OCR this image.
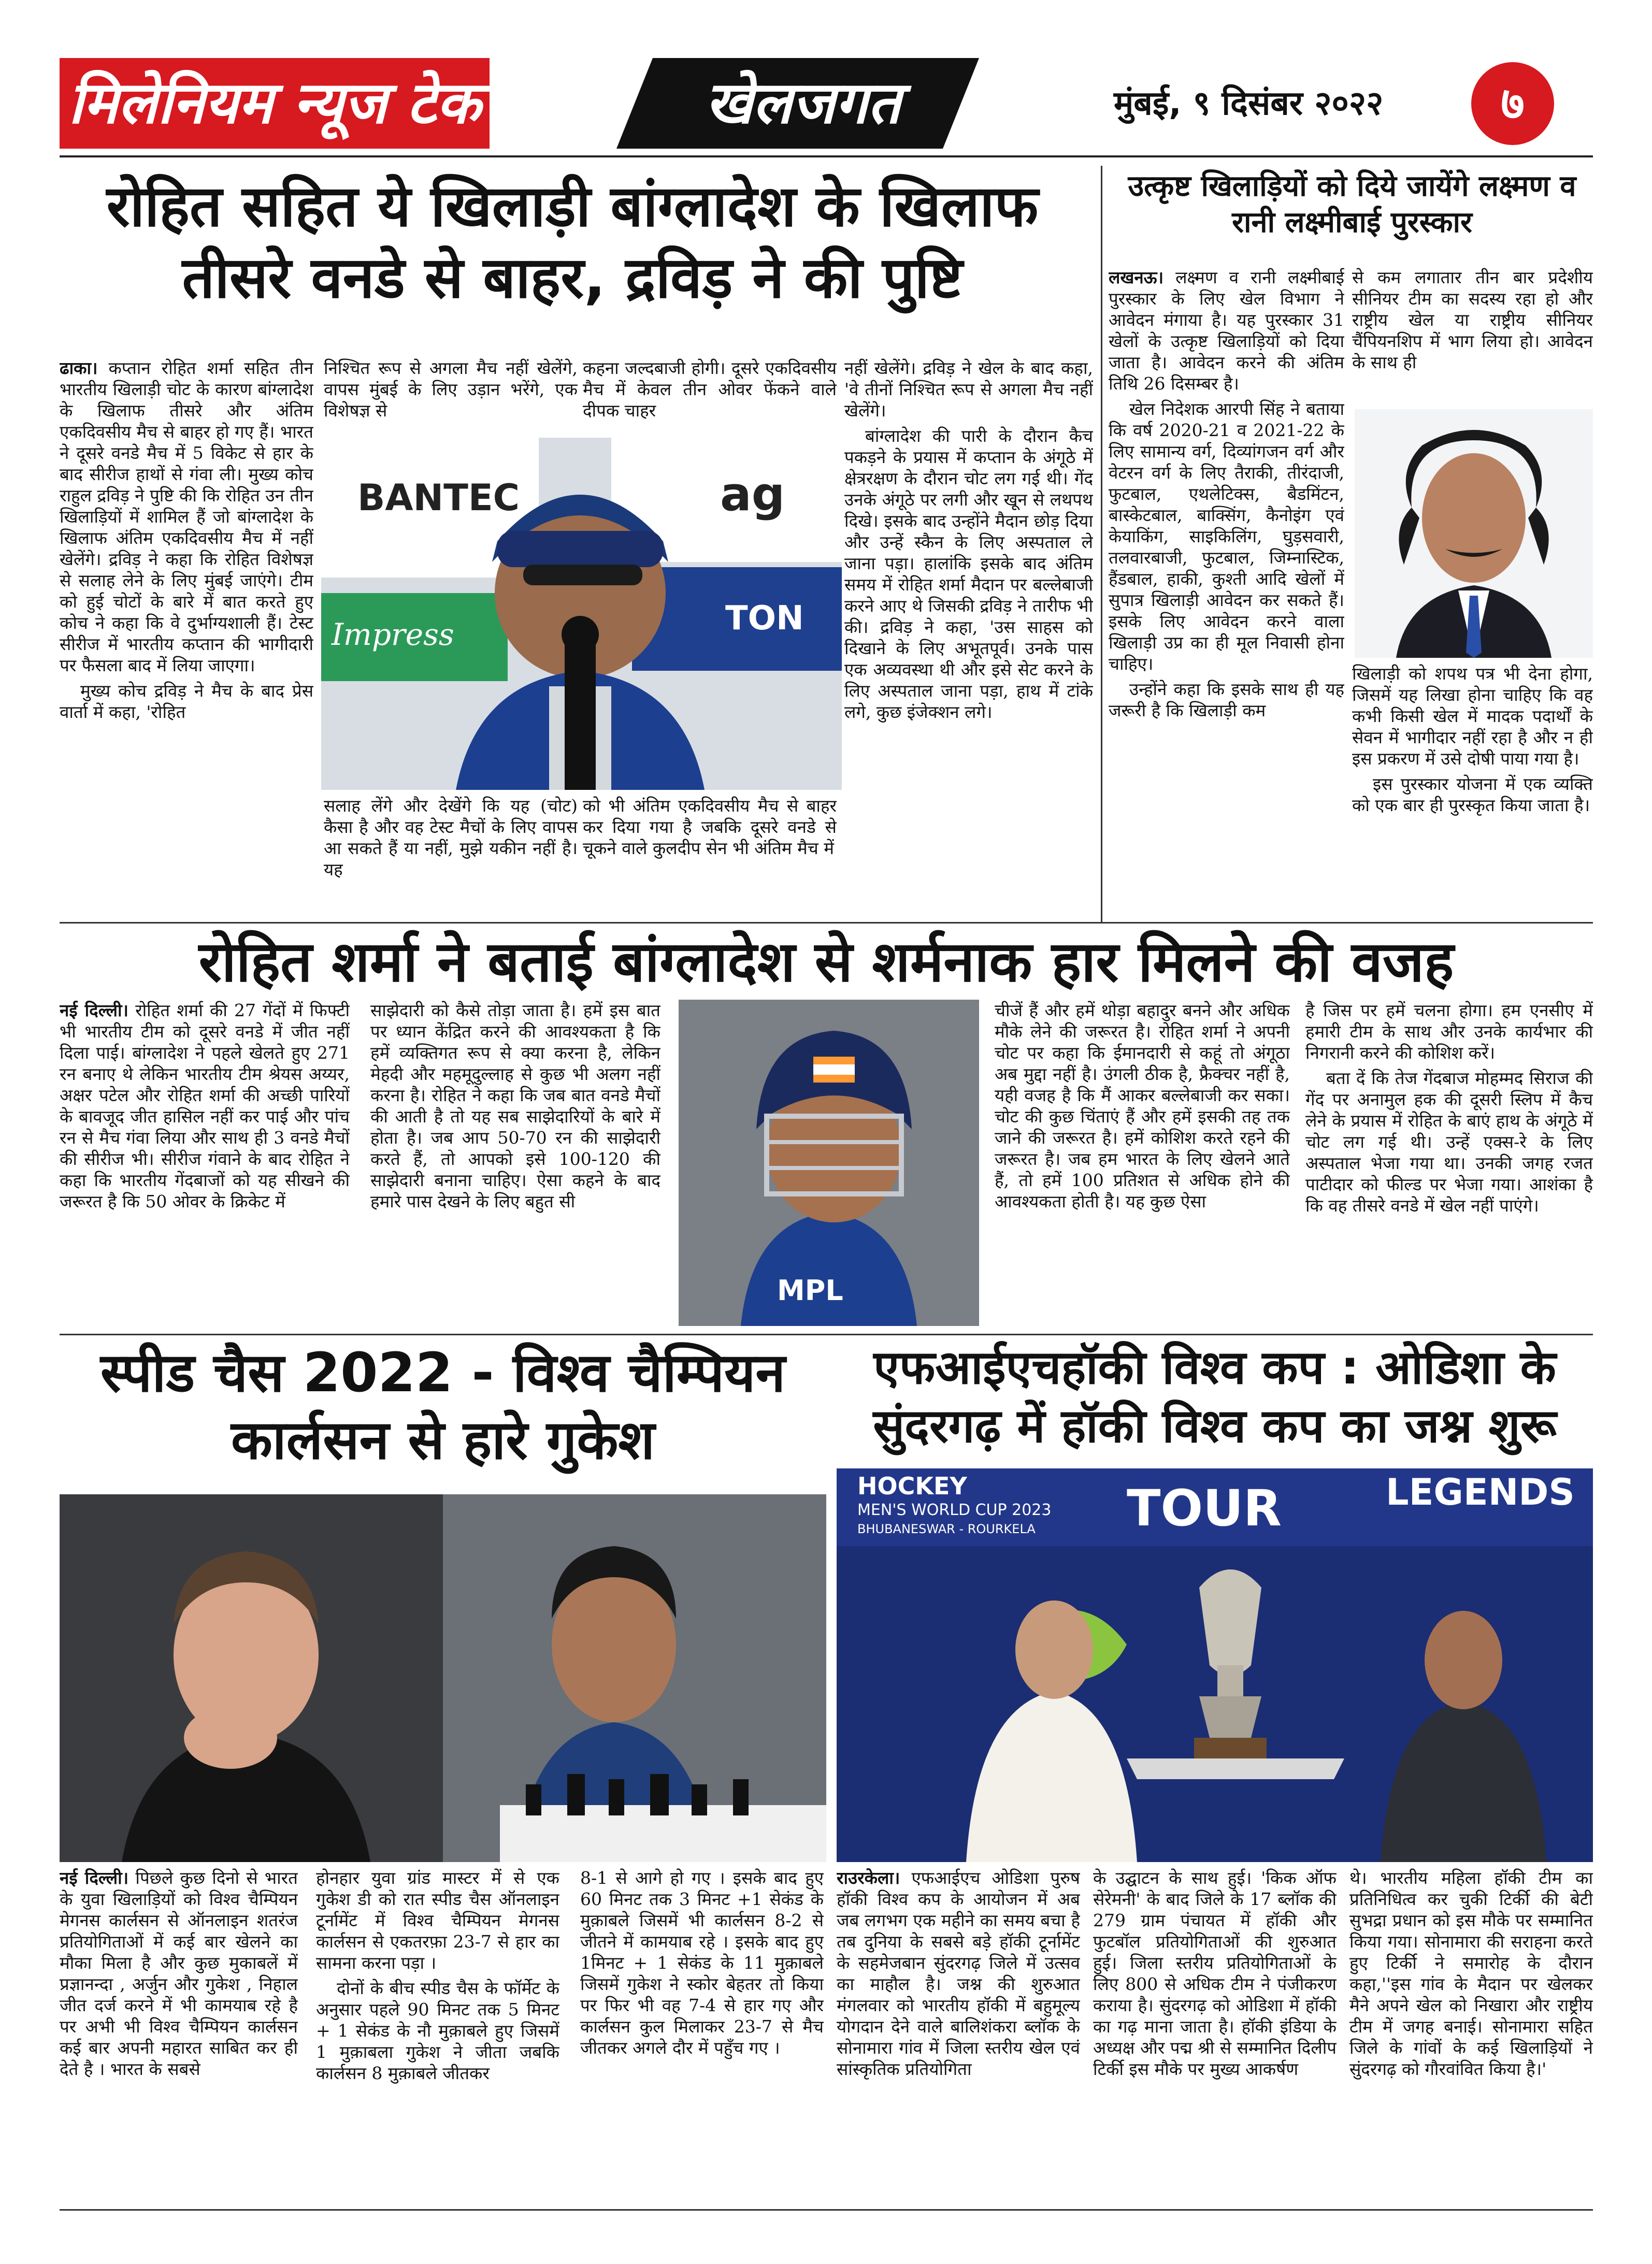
मिलेनियम न्यूज टेक	खेलजगत	मुंबई, ९ दिसंबर २०२२	७
रोहित सहित ये खिलाड़ी बांग्लादेश के खिलाफ
तीसरे वनडे से बाहर, द्रविड़ ने की पुष्टि

ढाका। कप्तान रोहित शर्मा सहित तीन भारतीय खिलाड़ी चोट के कारण बांग्लादेश के खिलाफ तीसरे और अंतिम एकदिवसीय मैच से बाहर हो गए हैं। भारत ने दूसरे वनडे मैच में 5 विकेट से हार के बाद सीरीज हाथों से गंवा ली। मुख्य कोच राहुल द्रविड़ ने पुष्टि की कि रोहित उन तीन खिलाड़ियों में शामिल हैं जो बांग्लादेश के खिलाफ अंतिम एकदिवसीय मैच में नहीं खेलेंगे। द्रविड़ ने कहा कि रोहित विशेषज्ञ से सलाह लेने के लिए मुंबई जाएंगे। टीम को हुई चोटों के बारे में बात करते हुए कोच ने कहा कि वे दुर्भाग्यशाली हैं। टेस्ट सीरीज में भारतीय कप्तान की भागीदारी पर फैसला बाद में लिया जाएगा।

मुख्य कोच द्रविड़ ने मैच के बाद प्रेस वार्ता में कहा, 'रोहित

निश्चित रूप से अगला मैच नहीं खेलेंगे, वापस मुंबई के लिए उड़ान भरेंगे, एक विशेषज्ञ से

कहना जल्दबाजी होगी। दूसरे एकदिवसीय मैच में केवल तीन ओवर फेंकने वाले दीपक चाहर

BANTEC	ag
Impress	TON

सलाह लेंगे और देखेंगे कि यह (चोट) कैसा है और वह टेस्ट मैचों के लिए वापस आ सकते हैं या नहीं, मुझे यकीन नहीं है। यह

को भी अंतिम एकदिवसीय मैच से बाहर कर दिया गया है जबकि दूसरे वनडे से चूकने वाले कुलदीप सेन भी अंतिम मैच में

नहीं खेलेंगे। द्रविड़ ने खेल के बाद कहा, 'वे तीनों निश्चित रूप से अगला मैच नहीं खेलेंगे।

बांग्लादेश की पारी के दौरान कैच पकड़ने के प्रयास में कप्तान के अंगूठे में क्षेत्ररक्षण के दौरान चोट लग गई थी। गेंद उनके अंगूठे पर लगी और खून से लथपथ दिखे। इसके बाद उन्होंने मैदान छोड़ दिया और उन्हें स्कैन के लिए अस्पताल ले जाना पड़ा। हालांकि इसके बाद अंतिम समय में रोहित शर्मा मैदान पर बल्लेबाजी करने आए थे जिसकी द्रविड़ ने तारीफ भी की। द्रविड़ ने कहा, 'उस साहस को दिखाने के लिए अभूतपूर्व। उनके पास एक अव्यवस्था थी और इसे सेट करने के लिए अस्पताल जाना पड़ा, हाथ में टांके लगे, कुछ इंजेक्शन लगे।

उत्कृष्ट खिलाड़ियों को दिये जायेंगे लक्ष्मण व
रानी लक्ष्मीबाई पुरस्कार

लखनऊ। लक्ष्मण व रानी लक्ष्मीबाई पुरस्कार के लिए खेल विभाग ने आवेदन मंगाया है। यह पुरस्कार 31 खेलों के उत्कृष्ट खिलाड़ियों को दिया जाता है। आवेदन करने की अंतिम तिथि 26 दिसम्बर है।

खेल निदेशक आरपी सिंह ने बताया कि वर्ष 2020-21 व 2021-22 के लिए सामान्य वर्ग, दिव्यांगजन वर्ग और वेटरन वर्ग के लिए तैराकी, तीरंदाजी, फुटबाल, एथलेटिक्स, बैडमिंटन, बास्केटबाल, बाक्सिंग, कैनोइंग एवं केयाकिंग, साइकिलिंग, घुड़सवारी, तलवारबाजी, फुटबाल, जिम्नास्टिक, हैंडबाल, हाकी, कुश्ती आदि खेलों में सुपात्र खिलाड़ी आवेदन कर सकते हैं। इसके लिए आवेदन करने वाला खिलाड़ी उप्र का ही मूल निवासी होना चाहिए।

उन्होंने कहा कि इसके साथ ही यह जरूरी है कि खिलाड़ी कम

से कम लगातार तीन बार प्रदेशीय सीनियर टीम का सदस्य रहा हो और राष्ट्रीय खेल या राष्ट्रीय सीनियर चैंपियनशिप में भाग लिया हो। आवेदन के साथ ही

खिलाड़ी को शपथ पत्र भी देना होगा, जिसमें यह लिखा होना चाहिए कि वह कभी किसी खेल में मादक पदार्थों के सेवन में भागीदार नहीं रहा है और न ही इस प्रकरण में उसे दोषी पाया गया है।

इस पुरस्कार योजना में एक व्यक्ति को एक बार ही पुरस्कृत किया जाता है।

रोहित शर्मा ने बताई बांग्लादेश से शर्मनाक हार मिलने की वजह

नई दिल्ली। रोहित शर्मा की 27 गेंदों में फिफ्टी भी भारतीय टीम को दूसरे वनडे में जीत नहीं दिला पाई। बांग्लादेश ने पहले खेलते हुए 271 रन बनाए थे लेकिन भारतीय टीम श्रेयस अय्यर, अक्षर पटेल और रोहित शर्मा की अच्छी पारियों के बावजूद जीत हासिल नहीं कर पाई और पांच रन से मैच गंवा लिया और साथ ही 3 वनडे मैचों की सीरीज भी। सीरीज गंवाने के बाद रोहित ने कहा कि भारतीय गेंदबाजों को यह सीखने की जरूरत है कि 50 ओवर के क्रिकेट में

साझेदारी को कैसे तोड़ा जाता है। हमें इस बात पर ध्यान केंद्रित करने की आवश्यकता है कि हमें व्यक्तिगत रूप से क्या करना है, लेकिन मेहदी और महमूदुल्लाह से कुछ भी अलग नहीं करना है। रोहित ने कहा कि जब बात वनडे मैचों की आती है तो यह सब साझेदारियों के बारे में होता है। जब आप 50-70 रन की साझेदारी करते हैं, तो आपको इसे 100-120 की साझेदारी बनाना चाहिए। ऐसा कहने के बाद हमारे पास देखने के लिए बहुत सी

MPL

चीजें हैं और हमें थोड़ा बहादुर बनने और अधिक मौके लेने की जरूरत है। रोहित शर्मा ने अपनी चोट पर कहा कि ईमानदारी से कहूं तो अंगूठा अब मुद्दा नहीं है। उंगली ठीक है, फ्रैक्चर नहीं है, यही वजह है कि मैं आकर बल्लेबाजी कर सका। चोट की कुछ चिंताएं हैं और हमें इसकी तह तक जाने की जरूरत है। हमें कोशिश करते रहने की जरूरत है। जब हम भारत के लिए खेलने आते हैं, तो हमें 100 प्रतिशत से अधिक होने की आवश्यकता होती है। यह कुछ ऐसा

है जिस पर हमें चलना होगा। हम एनसीए में हमारी टीम के साथ और उनके कार्यभार की निगरानी करने की कोशिश करें।

बता दें कि तेज गेंदबाज मोहम्मद सिराज की गेंद पर अनामुल हक की दूसरी स्लिप में कैच लेने के प्रयास में रोहित के बाएं हाथ के अंगूठे में चोट लग गई थी। उन्हें एक्स-रे के लिए अस्पताल भेजा गया था। उनकी जगह रजत पाटीदार को फील्ड पर भेजा गया। आशंका है कि वह तीसरे वनडे में खेल नहीं पाएंगे।

स्पीड चैस 2022 - विश्व चैम्पियन
कार्लसन से हारे गुकेश

नई दिल्ली। पिछले कुछ दिनो से भारत के युवा खिलाड़ियों को विश्व चैम्पियन मेगनस कार्लसन से ऑनलाइन शतरंज प्रतियोगिताओं में कई बार खेलने का मौका मिला है और कुछ मुकाबलें में प्रज्ञानन्दा , अर्जुन और गुकेश , निहाल जीत दर्ज करने में भी कामयाब रहे है पर अभी भी विश्व चैम्पियन कार्लसन कई बार अपनी महारत साबित कर ही देते है । भारत के सबसे

होनहार युवा ग्रांड मास्टर में से एक गुकेश डी को रात स्पीड चैस ऑनलाइन टूर्नामेंट में विश्व चैम्पियन मेगनस कार्लसन से एकतरफ़ा 23-7 से हार का सामना करना पड़ा ।

दोनों के बीच स्पीड चैस के फॉर्मेट के अनुसार पहले 90 मिनट तक 5 मिनट + 1 सेकंड के नौ मुक़ाबले हुए जिसमें 1 मुक़ाबला गुकेश ने जीता जबकि कार्लसन 8 मुक़ाबले जीतकर

8-1 से आगे हो गए । इसके बाद हुए 60 मिनट तक 3 मिनट +1 सेकंड के मुक़ाबले जिसमें भी कार्लसन 8-2 से जीतने में कामयाब रहे । इसके बाद हुए 1मिनट + 1 सेकंड के 11 मुक़ाबले जिसमें गुकेश ने स्कोर बेहतर तो किया पर फिर भी वह 7-4 से हार गए और कार्लसन कुल मिलाकर 23-7 से मैच जीतकर अगले दौर में पहुँच गए ।

एफआईएचहॉकी विश्व कप : ओडिशा के
सुंदरगढ़ में हॉकी विश्व कप का जश्न शुरू
HOCKEY
MEN'S WORLD CUP 2023
BHUBANESWAR - ROURKELA TOUR	LEGENDS

राउरकेला। एफआईएच ओडिशा पुरुष हॉकी विश्व कप के आयोजन में अब जब लगभग एक महीने का समय बचा है तब दुनिया के सबसे बड़े हॉकी टूर्नामेंट के सहमेजबान सुंदरगढ़ जिले में उत्सव का माहौल है। जश्न की शुरुआत मंगलवार को भारतीय हॉकी में बहुमूल्य योगदान देने वाले बालिशंकरा ब्लॉक के सोनामारा गांव में जिला स्तरीय खेल एवं सांस्कृतिक प्रतियोगिता

के उद्घाटन के साथ हुई। 'किक ऑफ सेरेमनी' के बाद जिले के 17 ब्लॉक की 279 ग्राम पंचायत में हॉकी और फुटबॉल प्रतियोगिताओं की शुरुआत हुई। जिला स्तरीय प्रतियोगिताओं के लिए 800 से अधिक टीम ने पंजीकरण कराया है। सुंदरगढ़ को ओडिशा में हॉकी का गढ़ माना जाता है। हॉकी इंडिया के अध्यक्ष और पद्म श्री से सम्मानित दिलीप टिर्की इस मौके पर मुख्य आकर्षण

थे। भारतीय महिला हॉकी टीम का प्रतिनिधित्व कर चुकी टिर्की की बेटी सुभद्रा प्रधान को इस मौके पर सम्मानित किया गया। सोनामारा की सराहना करते हुए टिर्की ने समारोह के दौरान कहा,''इस गांव के मैदान पर खेलकर मैने अपने खेल को निखारा और राष्ट्रीय टीम में जगह बनाई। सोनामारा सहित जिले के गांवों के कई खिलाड़ियों ने सुंदरगढ़ को गौरवांवित किया है।'
